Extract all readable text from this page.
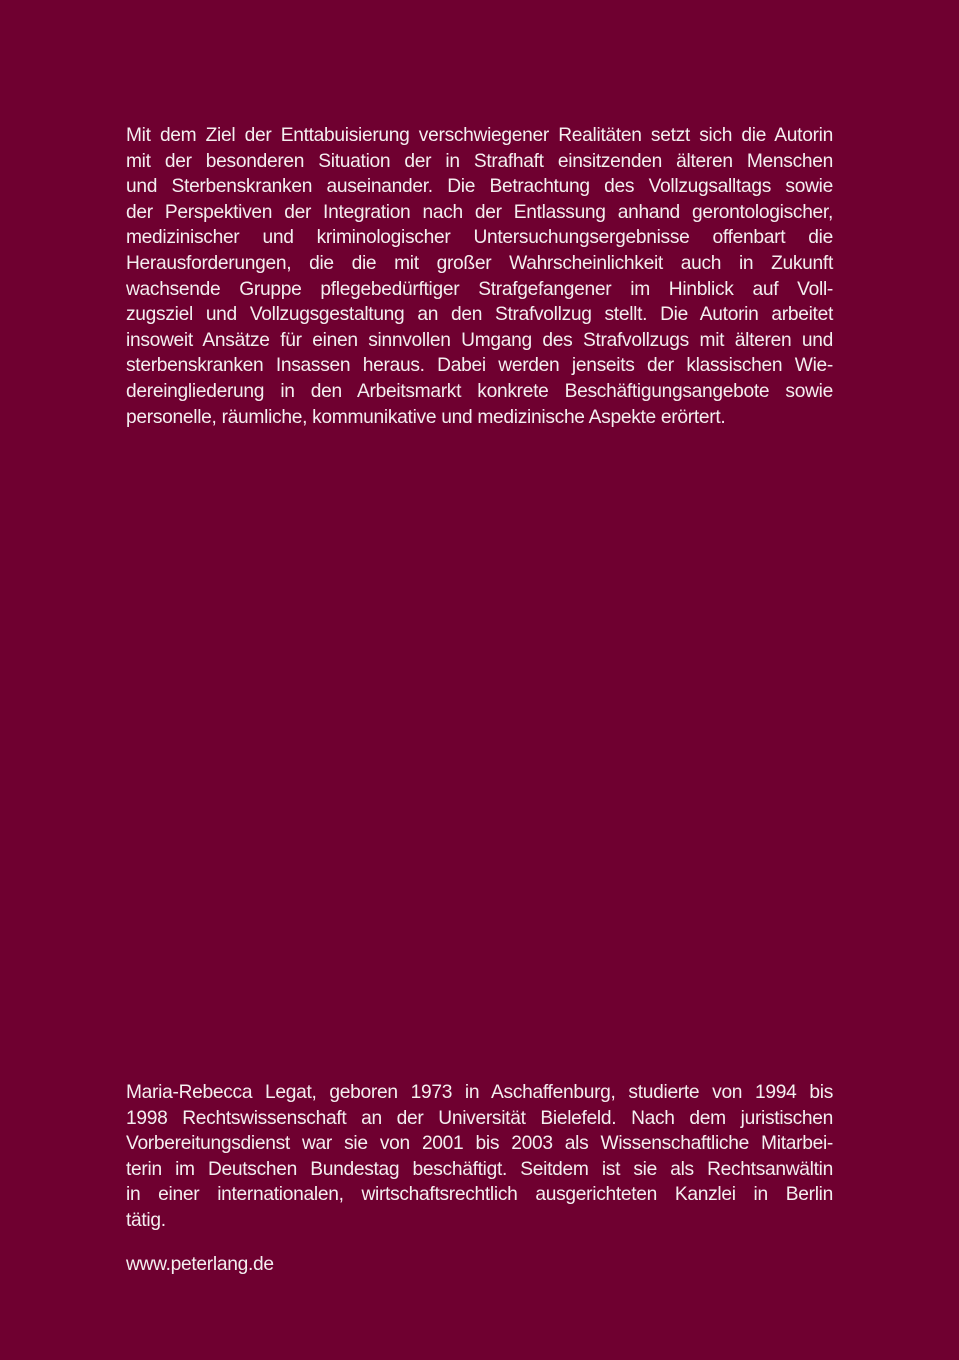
Mit dem Ziel der Enttabuisierung verschwiegener Realitäten setzt sich die Autorin
mit der besonderen Situation der in Strafhaft einsitzenden älteren Menschen
und Sterbenskranken auseinander. Die Betrachtung des Vollzugsalltags sowie
der Perspektiven der Integration nach der Entlassung anhand gerontologischer,
medizinischer und kriminologischer Untersuchungsergebnisse offenbart die
Herausforderungen, die die mit großer Wahrscheinlichkeit auch in Zukunft
wachsende Gruppe pflegebedürftiger Strafgefangener im Hinblick auf Voll-
zugsziel und Vollzugsgestaltung an den Strafvollzug stellt. Die Autorin arbeitet
insoweit Ansätze für einen sinnvollen Umgang des Strafvollzugs mit älteren und
sterbenskranken Insassen heraus. Dabei werden jenseits der klassischen Wie-
dereingliederung in den Arbeitsmarkt konkrete Beschäftigungsangebote sowie
personelle, räumliche, kommunikative und medizinische Aspekte erörtert.
Maria-Rebecca Legat, geboren 1973 in Aschaffenburg, studierte von 1994 bis
1998 Rechtswissenschaft an der Universität Bielefeld. Nach dem juristischen
Vorbereitungsdienst war sie von 2001 bis 2003 als Wissenschaftliche Mitarbei-
terin im Deutschen Bundestag beschäftigt. Seitdem ist sie als Rechtsanwältin
in einer internationalen, wirtschaftsrechtlich ausgerichteten Kanzlei in Berlin
tätig.
www.peterlang.de
